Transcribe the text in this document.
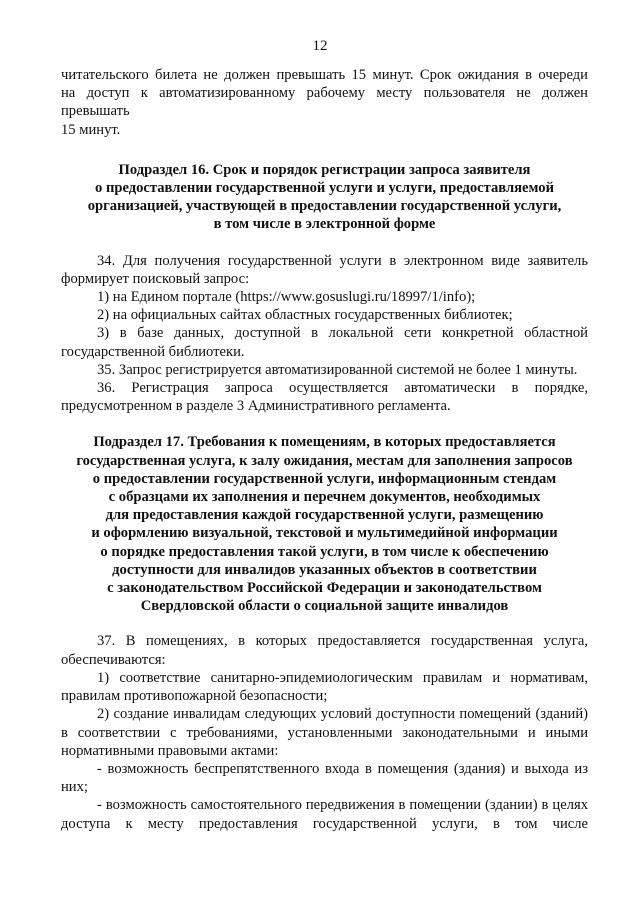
12

читательского билета не должен превышать 15 минут. Срок ожидания в очереди

на доступ к автоматизированному рабочему месту пользователя не должен

превышать

15 минут.

Подраздел 16. Срок и порядок регистрации запроса заявителя

о предоставлении государственной услуги и услуги, предоставляемой

организацией, участвующей в предоставлении государственной услуги,

в том числе в электронной форме

34. Для получения государственной услуги в электронном виде заявитель формирует поисковый запрос:

1) на Едином портале (https://www.gosuslugi.ru/18997/1/info);

2) на официальных сайтах областных государственных библиотек;

3) в базе данных, доступной в локальной сети конкретной областной государственной библиотеки.

35. Запрос регистрируется автоматизированной системой не более 1 минуты.

36. Регистрация запроса осуществляется автоматически в порядке, предусмотренном в разделе 3 Административного регламента.

Подраздел 17. Требования к помещениям, в которых предоставляется

государственная услуга, к залу ожидания, местам для заполнения запросов

о предоставлении государственной услуги, информационным стендам

с образцами их заполнения и перечнем документов, необходимых

для предоставления каждой государственной услуги, размещению

и оформлению визуальной, текстовой и мультимедийной информации

о порядке предоставления такой услуги, в том числе к обеспечению

доступности для инвалидов указанных объектов в соответствии

с законодательством Российской Федерации и законодательством

Свердловской области о социальной защите инвалидов

37. В помещениях, в которых предоставляется государственная услуга, обеспечиваются:

1) соответствие санитарно-эпидемиологическим правилам и нормативам, правилам противопожарной безопасности;

2) создание инвалидам следующих условий доступности помещений (зданий) в соответствии с требованиями, установленными законодательными и иными нормативными правовыми актами:

- возможность беспрепятственного входа в помещения (здания) и выхода из них;

- возможность самостоятельного передвижения в помещении (здании) в целях доступа к месту предоставления государственной услуги, в том числе
